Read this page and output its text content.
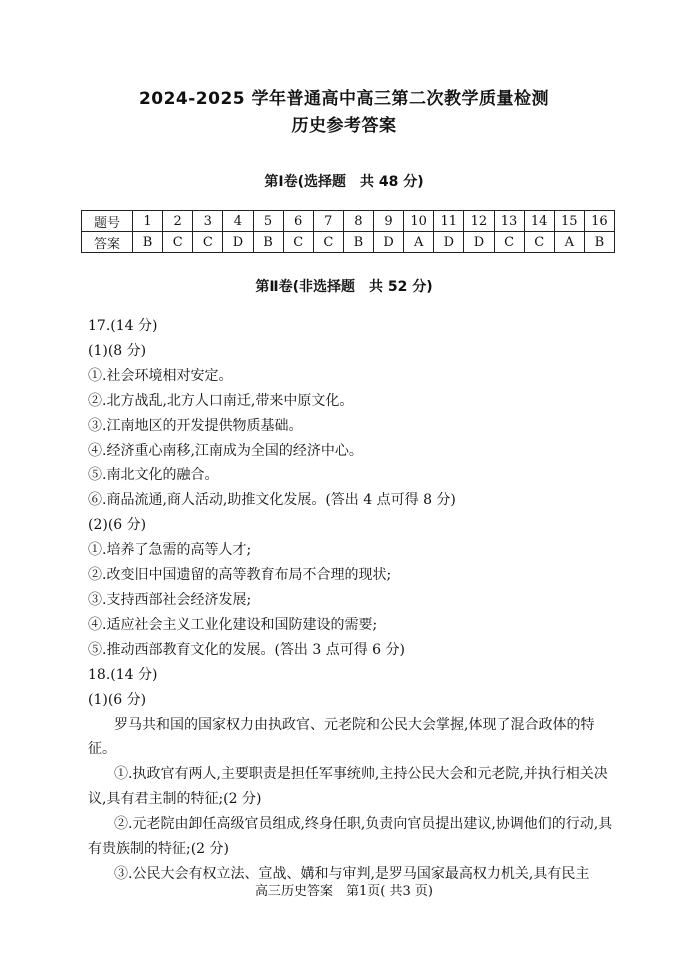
2024-2025 学年普通高中高三第二次教学质量检测
历史参考答案
第Ⅰ卷(选择题　共 48 分)
题号	1	2	3	4	5	6	7	8	9	10	11	12	13	14	15	16
答案	B	C	C	D	B	C	C	B	D	A	D	D	C	C	A	B
第Ⅱ卷(非选择题　共 52 分)

17.(14 分)

(1)(8 分)

①.社会环境相对安定。

②.北方战乱,北方人口南迁,带来中原文化。

③.江南地区的开发提供物质基础。

④.经济重心南移,江南成为全国的经济中心。

⑤.南北文化的融合。

⑥.商品流通,商人活动,助推文化发展。(答出 4 点可得 8 分)

(2)(6 分)

①.培养了急需的高等人才;

②.改变旧中国遗留的高等教育布局不合理的现状;

③.支持西部社会经济发展;

④.适应社会主义工业化建设和国防建设的需要;

⑤.推动西部教育文化的发展。(答出 3 点可得 6 分)

18.(14 分)

(1)(6 分)

罗马共和国的国家权力由执政官、元老院和公民大会掌握,体现了混合政体的特征。

①.执政官有两人,主要职责是担任军事统帅,主持公民大会和元老院,并执行相关决议,具有君主制的特征;(2 分)

②.元老院由卸任高级官员组成,终身任职,负责向官员提出建议,协调他们的行动,具有贵族制的特征;(2 分)

③.公民大会有权立法、宣战、媾和与审判,是罗马国家最高权力机关,具有民主

高三历史答案　第1页( 共3 页)
